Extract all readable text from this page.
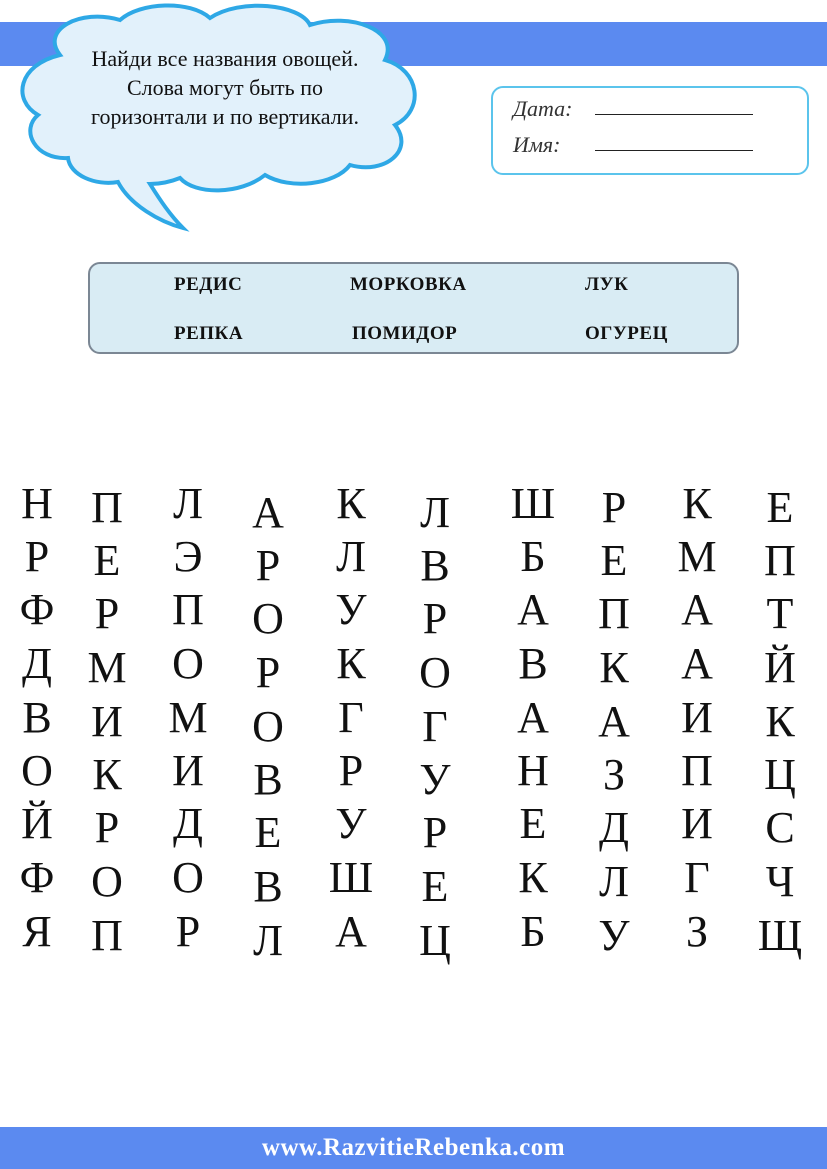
Найди все названия овощей.
Слова могут быть по
горизонтали и по вертикали.	Дата:
Имя:
РЕДИС	МОРКОВКА	ЛУК
РЕПКА	ПОМИДОР	ОГУРЕЦ
Н П	Л	А	К	Л	Ш	Р	К	Е
Р	Е	Э	Р	Л	В	Б	Е	М	П
Ф Р	П	О	У	Р	А	П	А	Т
Д М	О	Р	К	О	В	К	А	Й
В И	М	О	Г	Г	А	А	И	К
О К	И	В	Р	У	Н	З	П	Ц
Й Р	Д	Е	У	Р	Е	Д	И	С
Ф О	О	В	Ш	Е	К	Л	Г	Ч
Я П	Р	Л	А	Ц	Б	У	З	Щ
www.RazvitieRebenka.com
